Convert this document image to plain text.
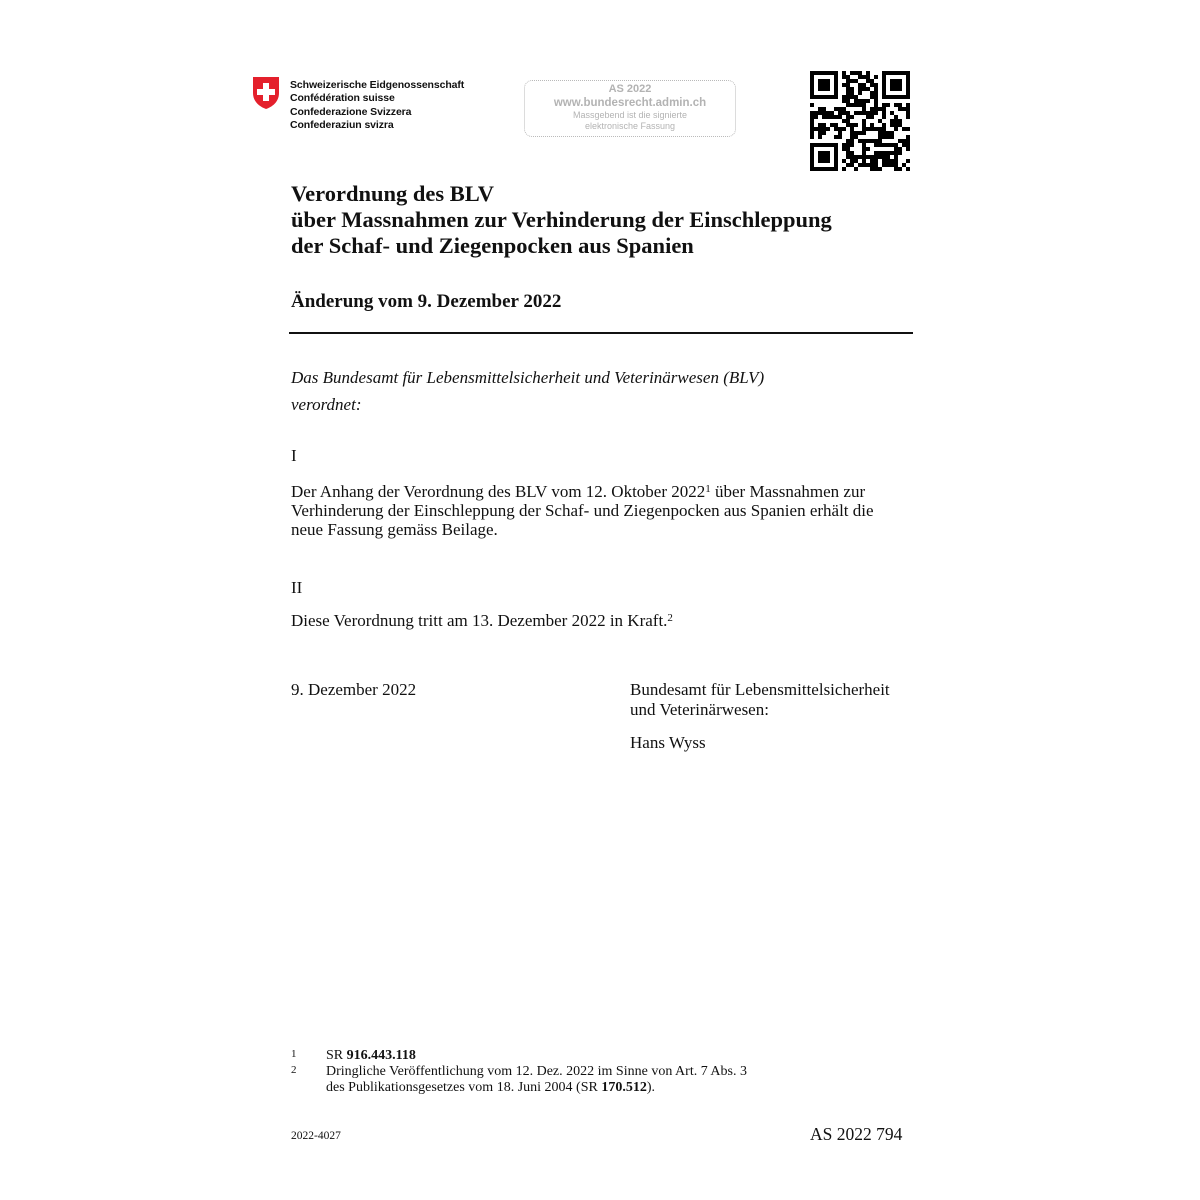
Schweizerische Eidgenossenschaft
Confédération suisse
Confederazione Svizzera
Confederaziun svizra
AS 2022
www.bundesrecht.admin.ch
Massgebend ist die signierte
elektronische Fassung
Verordnung des BLV
über Massnahmen zur Verhinderung der Einschleppung
der Schaf- und Ziegenpocken aus Spanien
Änderung vom 9. Dezember 2022
Das Bundesamt für Lebensmittelsicherheit und Veterinärwesen (BLV)
verordnet:
I
Der Anhang der Verordnung des BLV vom 12. Oktober 2022$^1$ über Massnahmen zur
Verhinderung der Einschleppung der Schaf- und Ziegenpocken aus Spanien erhält die
neue Fassung gemäss Beilage.
II
Diese Verordnung tritt am 13. Dezember 2022 in Kraft.$^2$
9. Dezember 2022	Bundesamt für Lebensmittelsicherheit
und Veterinärwesen:
Hans Wyss
1 SR 916.443.118
2 Dringliche Veröffentlichung vom 12. Dez. 2022 im Sinne von Art. 7 Abs. 3
des Publikationsgesetzes vom 18. Juni 2004 (SR 170.512).
2022-4027	AS 2022 794
